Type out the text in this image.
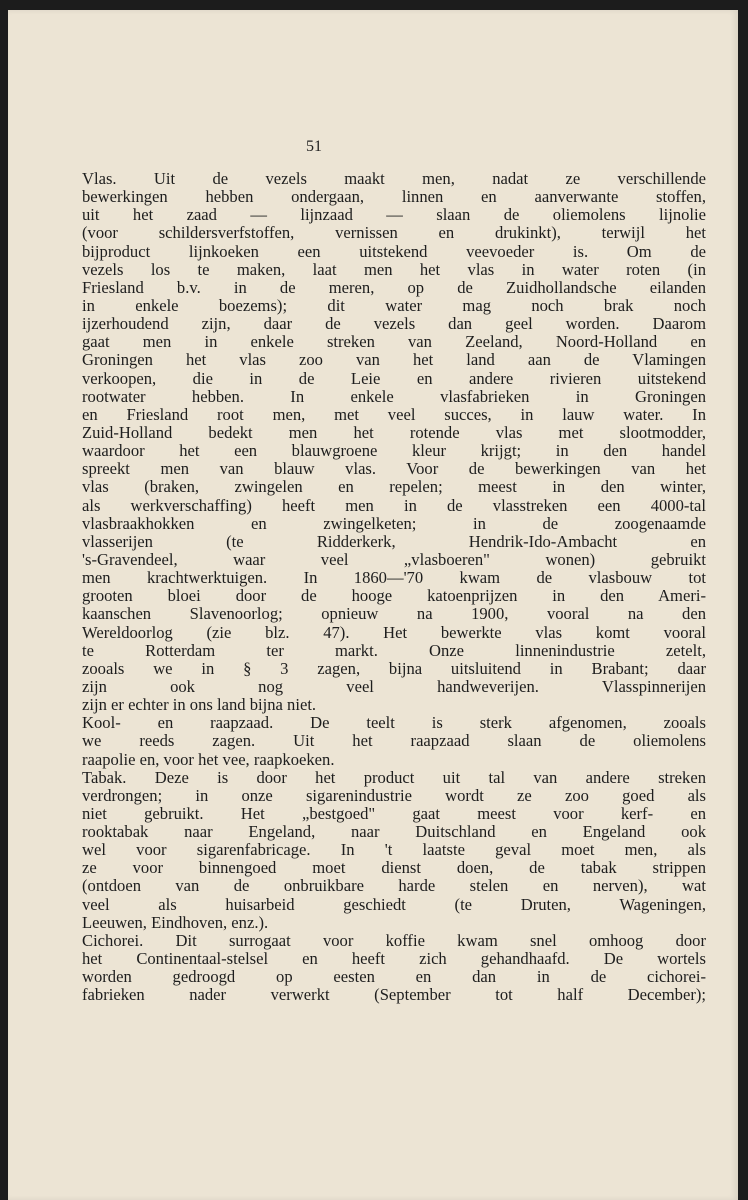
51
Vlas. Uit de vezels maakt men, nadat ze verschillende
bewerkingen hebben ondergaan, linnen en aanverwante stoffen,
uit het zaad — lijnzaad — slaan de oliemolens lijnolie
(voor schildersverfstoffen, vernissen en drukinkt), terwijl het
bijproduct lijnkoeken een uitstekend veevoeder is. Om de
vezels los te maken, laat men het vlas in water roten (in
Friesland b.v. in de meren, op de Zuidhollandsche eilanden
in enkele boezems); dit water mag noch brak noch
ijzerhoudend zijn, daar de vezels dan geel worden. Daarom
gaat men in enkele streken van Zeeland, Noord-Holland en
Groningen het vlas zoo van het land aan de Vlamingen
verkoopen, die in de Leie en andere rivieren uitstekend
rootwater hebben. In enkele vlasfabrieken in Groningen
en Friesland root men, met veel succes, in lauw water. In
Zuid-Holland bedekt men het rotende vlas met slootmodder,
waardoor het een blauwgroene kleur krijgt; in den handel
spreekt men van blauw vlas. Voor de bewerkingen van het
vlas (braken, zwingelen en repelen; meest in den winter,
als werkverschaffing) heeft men in de vlasstreken een 4000-tal
vlasbraakhokken en zwingelketen; in de zoogenaamde
vlasserijen (te Ridderkerk, Hendrik-Ido-Ambacht en
's-Gravendeel, waar veel „vlasboeren" wonen) gebruikt
men krachtwerktuigen. In 1860—'70 kwam de vlasbouw tot
grooten bloei door de hooge katoenprijzen in den Ameri-
kaanschen Slavenoorlog; opnieuw na 1900, vooral na den
Wereldoorlog (zie blz. 47). Het bewerkte vlas komt vooral
te Rotterdam ter markt. Onze linnenindustrie zetelt,
zooals we in § 3 zagen, bijna uitsluitend in Brabant; daar
zijn ook nog veel handweverijen. Vlasspinnerijen
zijn er echter in ons land bijna niet.
Kool- en raapzaad. De teelt is sterk afgenomen, zooals
we reeds zagen. Uit het raapzaad slaan de oliemolens
raapolie en, voor het vee, raapkoeken.
Tabak. Deze is door het product uit tal van andere streken
verdrongen; in onze sigarenindustrie wordt ze zoo goed als
niet gebruikt. Het „bestgoed" gaat meest voor kerf- en
rooktabak naar Engeland, naar Duitschland en Engeland ook
wel voor sigarenfabricage. In 't laatste geval moet men, als
ze voor binnengoed moet dienst doen, de tabak strippen
(ontdoen van de onbruikbare harde stelen en nerven), wat
veel als huisarbeid geschiedt (te Druten, Wageningen,
Leeuwen, Eindhoven, enz.).
Cichorei. Dit surrogaat voor koffie kwam snel omhoog door
het Continentaal-stelsel en heeft zich gehandhaafd. De wortels
worden gedroogd op eesten en dan in de cichorei-
fabrieken nader verwerkt (September tot half December);
